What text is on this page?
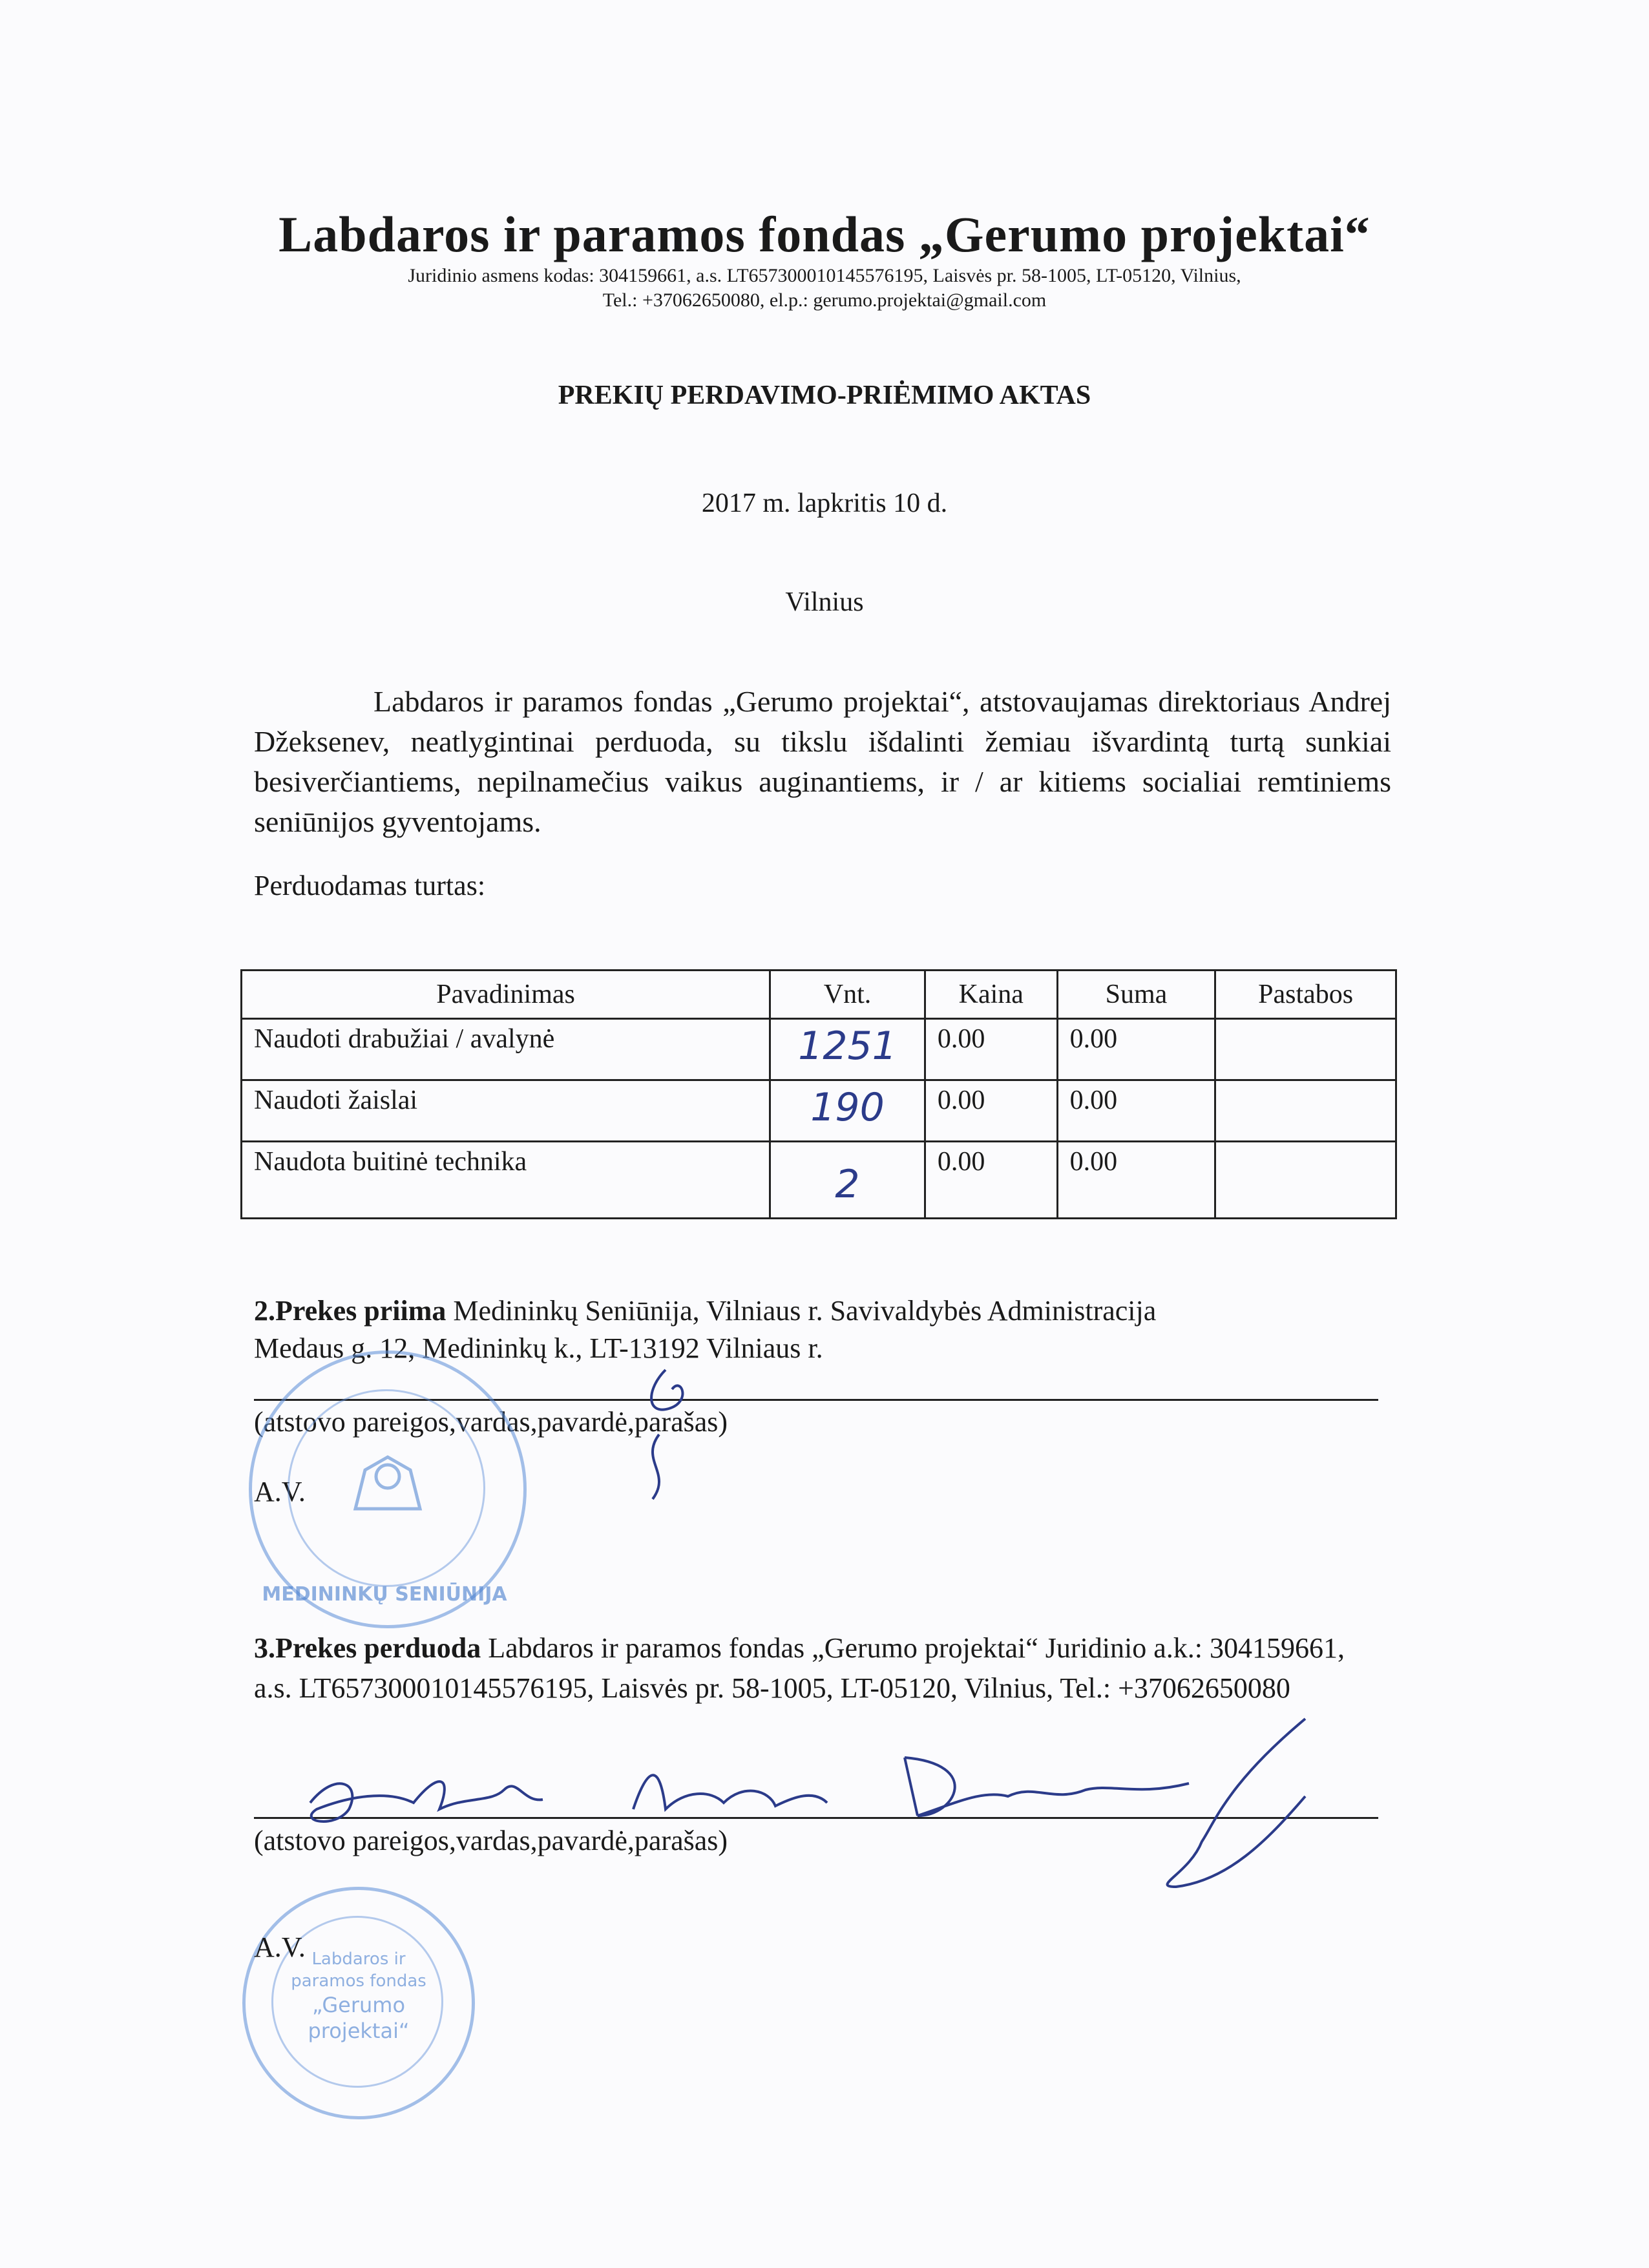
Labdaros ir paramos fondas „Gerumo projektai“
Juridinio asmens kodas: 304159661, a.s. LT657300010145576195, Laisvės pr. 58-1005, LT-05120, Vilnius,
Tel.: +37062650080, el.p.: gerumo.projektai@gmail.com
PREKIŲ PERDAVIMO-PRIĖMIMO AKTAS
2017 m. lapkritis 10 d.
Vilnius

Labdaros ir paramos fondas „Gerumo projektai“, atstovaujamas direktoriaus Andrej Džeksenev, neatlygintinai perduoda, su tikslu išdalinti žemiau išvardintą turtą sunkiai besiverčiantiems, nepilnamečius vaikus auginantiems, ir / ar kitiems socialiai remtiniems seniūnijos gyventojams.

Perduodamas turtas:
Pavadinimas	Vnt.	Kaina	Suma	Pastabos
Naudoti drabužiai / avalynė	1251	0.00	0.00	
Naudoti žaislai	190	0.00	0.00	
Naudota buitinė technika	2	0.00	0.00	
2.Prekes priima Medininkų Seniūnija, Vilniaus r. Savivaldybės Administracija
Medaus g. 12, Medininkų k., LT-13192 Vilniaus r.
(atstovo pareigos,vardas,pavardė,parašas)
A.V.
MEDININKŲ SENIŪNIJA

3.Prekes perduoda Labdaros ir paramos fondas „Gerumo projektai“ Juridinio a.k.: 304159661, a.s. LT657300010145576195, Laisvės pr. 58-1005, LT-05120, Vilnius, Tel.: +37062650080

(atstovo pareigos,vardas,pavardė,parašas)
Labdaros ir
paramos fondas
„Gerumo
projektai“
A.V.
